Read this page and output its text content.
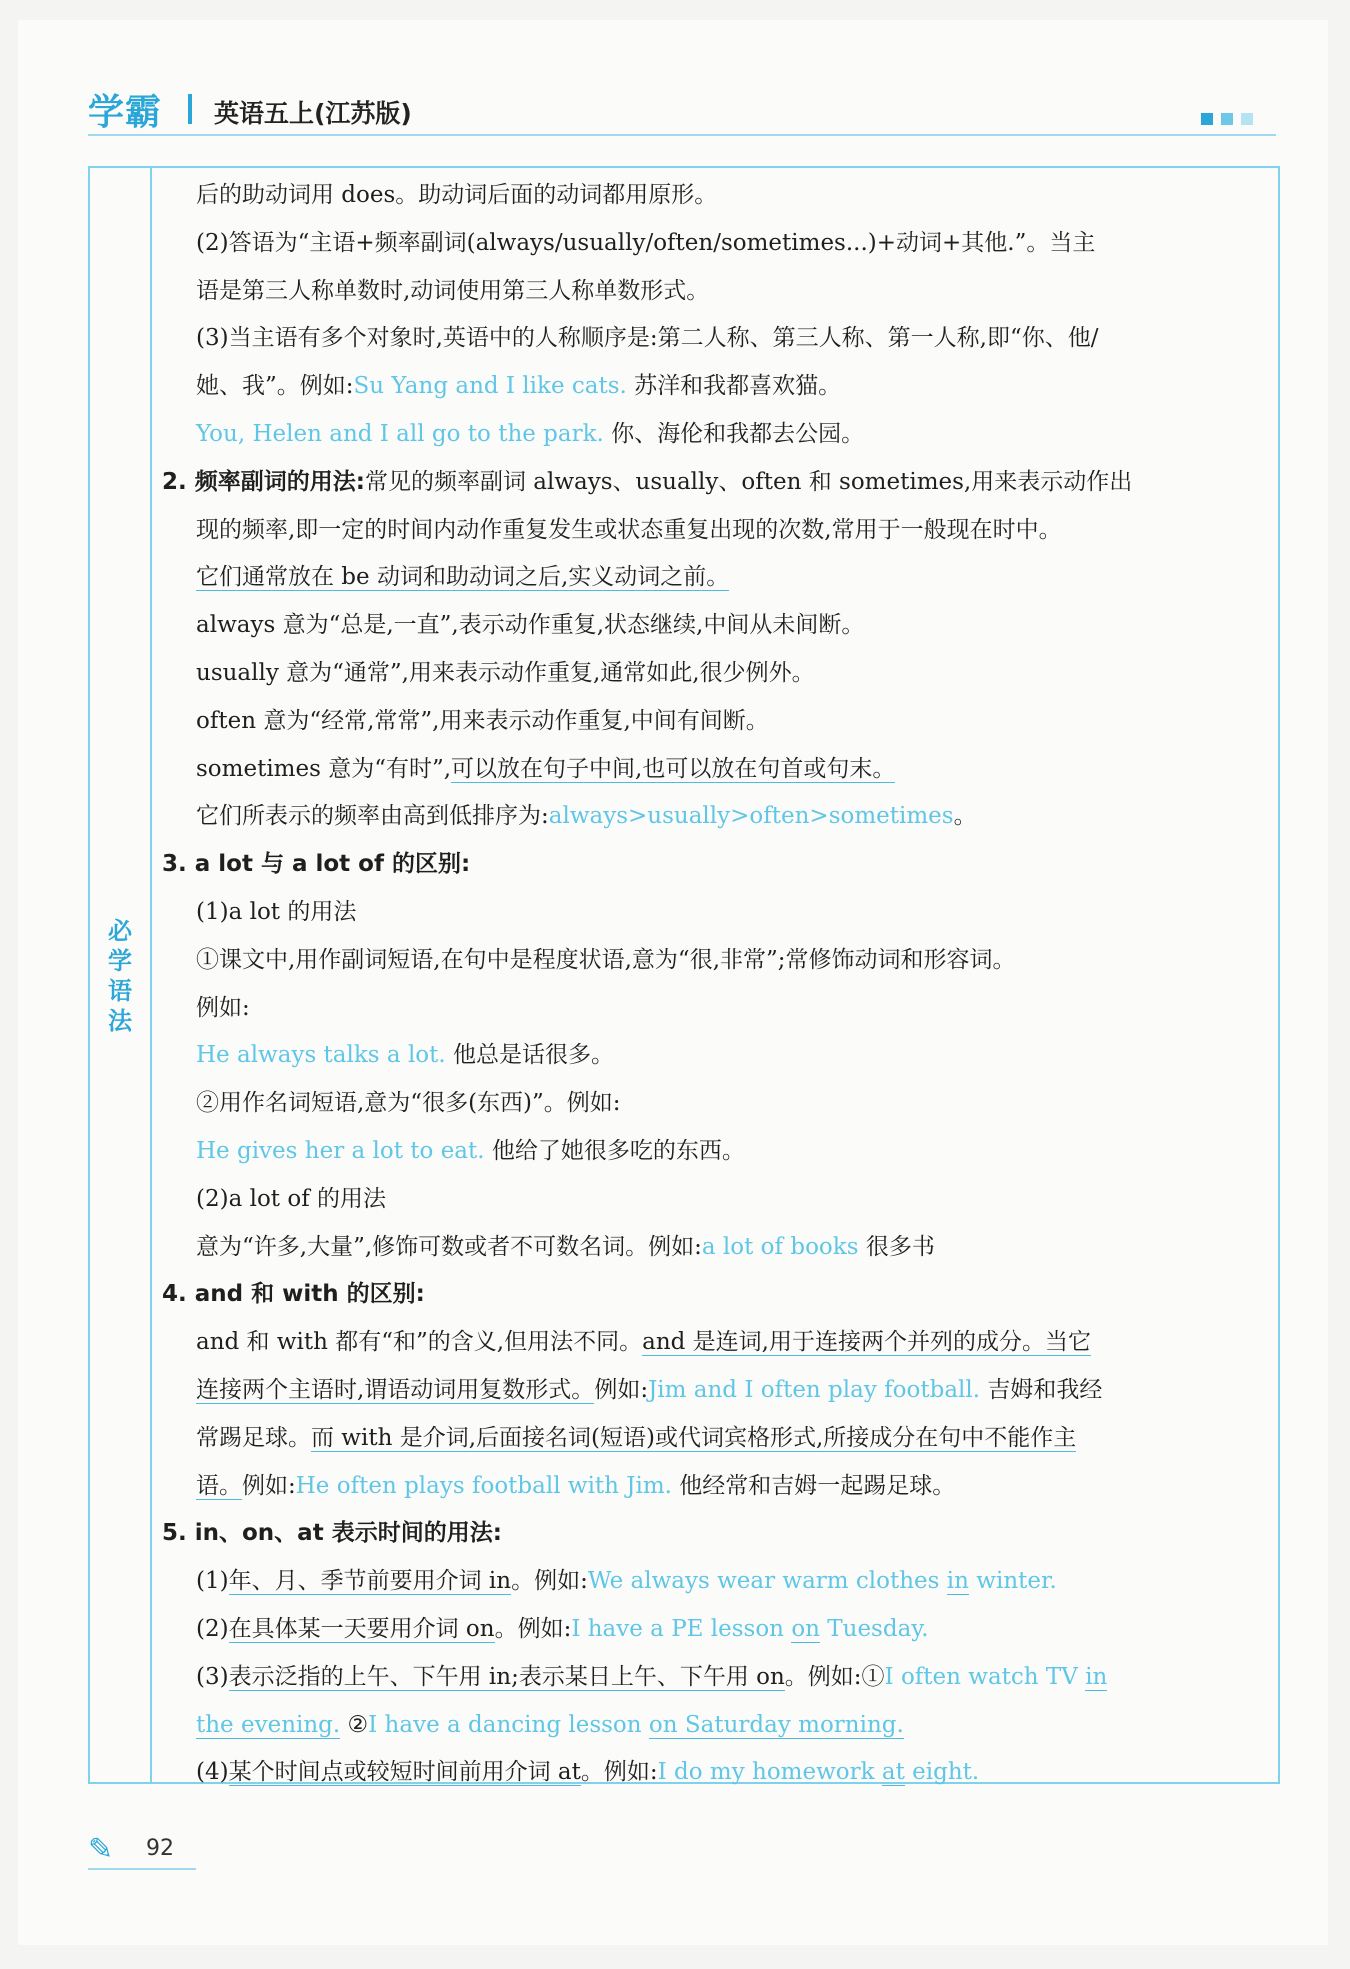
学霸 英语五上(江苏版)
必学语法
后的助动词用 does。助动词后面的动词都用原形。
(2)答语为“主语+频率副词(always/usually/often/sometimes...)+动词+其他.”。当主
语是第三人称单数时,动词使用第三人称单数形式。
(3)当主语有多个对象时,英语中的人称顺序是:第二人称、第三人称、第一人称,即“你、他/
她、我”。例如:Su Yang and I like cats. 苏洋和我都喜欢猫。
You, Helen and I all go to the park. 你、海伦和我都去公园。
2. 频率副词的用法:常见的频率副词 always、usually、often 和 sometimes,用来表示动作出
现的频率,即一定的时间内动作重复发生或状态重复出现的次数,常用于一般现在时中。
它们通常放在 be 动词和助动词之后,实义动词之前。
always 意为“总是,一直”,表示动作重复,状态继续,中间从未间断。
usually 意为“通常”,用来表示动作重复,通常如此,很少例外。
often 意为“经常,常常”,用来表示动作重复,中间有间断。
sometimes 意为“有时”,可以放在句子中间,也可以放在句首或句末。
它们所表示的频率由高到低排序为:always>usually>often>sometimes。
3. a lot 与 a lot of 的区别:
(1)a lot 的用法
①课文中,用作副词短语,在句中是程度状语,意为“很,非常”;常修饰动词和形容词。
例如:
He always talks a lot. 他总是话很多。
②用作名词短语,意为“很多(东西)”。例如:
He gives her a lot to eat. 他给了她很多吃的东西。
(2)a lot of 的用法
意为“许多,大量”,修饰可数或者不可数名词。例如:a lot of books 很多书
4. and 和 with 的区别:
and 和 with 都有“和”的含义,但用法不同。and 是连词,用于连接两个并列的成分。当它
连接两个主语时,谓语动词用复数形式。例如:Jim and I often play football. 吉姆和我经
常踢足球。而 with 是介词,后面接名词(短语)或代词宾格形式,所接成分在句中不能作主
语。例如:He often plays football with Jim. 他经常和吉姆一起踢足球。
5. in、on、at 表示时间的用法:
(1)年、月、季节前要用介词 in。例如:We always wear warm clothes in winter.
(2)在具体某一天要用介词 on。例如:I have a PE lesson on Tuesday.
(3)表示泛指的上午、下午用 in;表示某日上午、下午用 on。例如:①I often watch TV in
the evening. ②I have a dancing lesson on Saturday morning.
(4)某个时间点或较短时间前用介词 at。例如:I do my homework at eight.
✎ 92
